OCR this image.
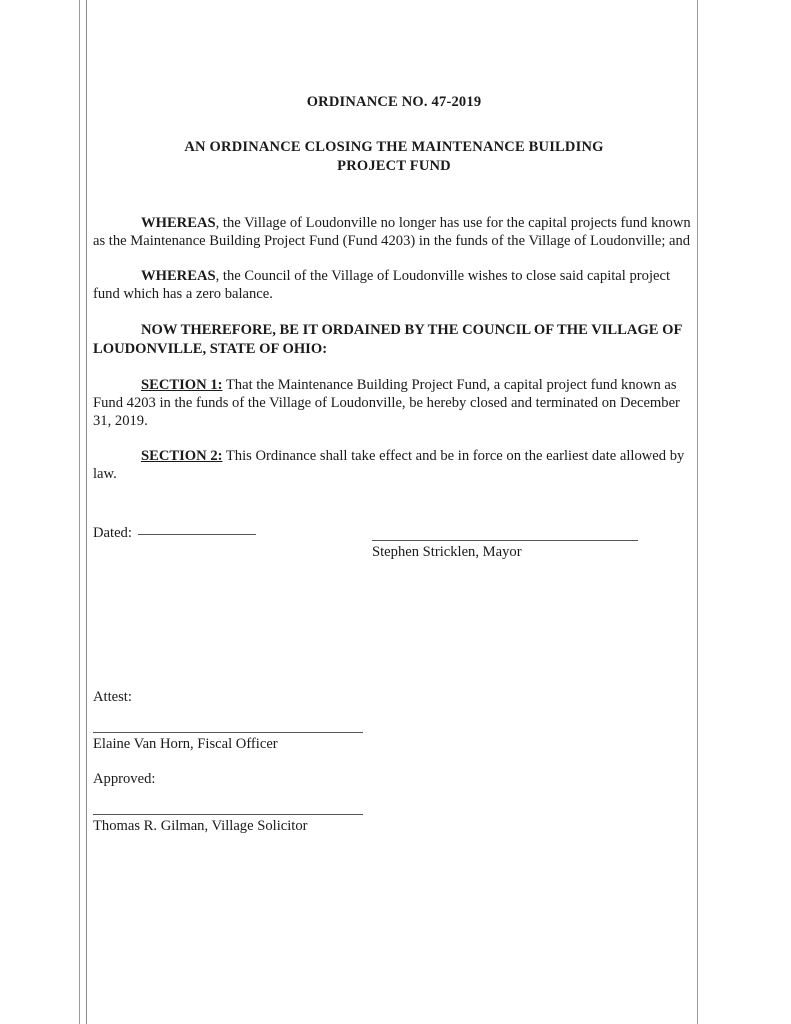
ORDINANCE NO. 47-2019
AN ORDINANCE CLOSING THE MAINTENANCE BUILDING
PROJECT FUND

WHEREAS, the Village of Loudonville no longer has use for the capital projects fund known as the Maintenance Building Project Fund (Fund 4203) in the funds of the Village of Loudonville; and

WHEREAS, the Council of the Village of Loudonville wishes to close said capital project fund which has a zero balance.

NOW THEREFORE, BE IT ORDAINED BY THE COUNCIL OF THE VILLAGE OF LOUDONVILLE, STATE OF OHIO:

SECTION 1: That the Maintenance Building Project Fund, a capital project fund known as Fund 4203 in the funds of the Village of Loudonville, be hereby closed and terminated on December 31, 2019.

SECTION 2: This Ordinance shall take effect and be in force on the earliest date allowed by law.

Dated:
Stephen Stricklen, Mayor

Attest:

Elaine Van Horn, Fiscal Officer

Approved:

Thomas R. Gilman, Village Solicitor
